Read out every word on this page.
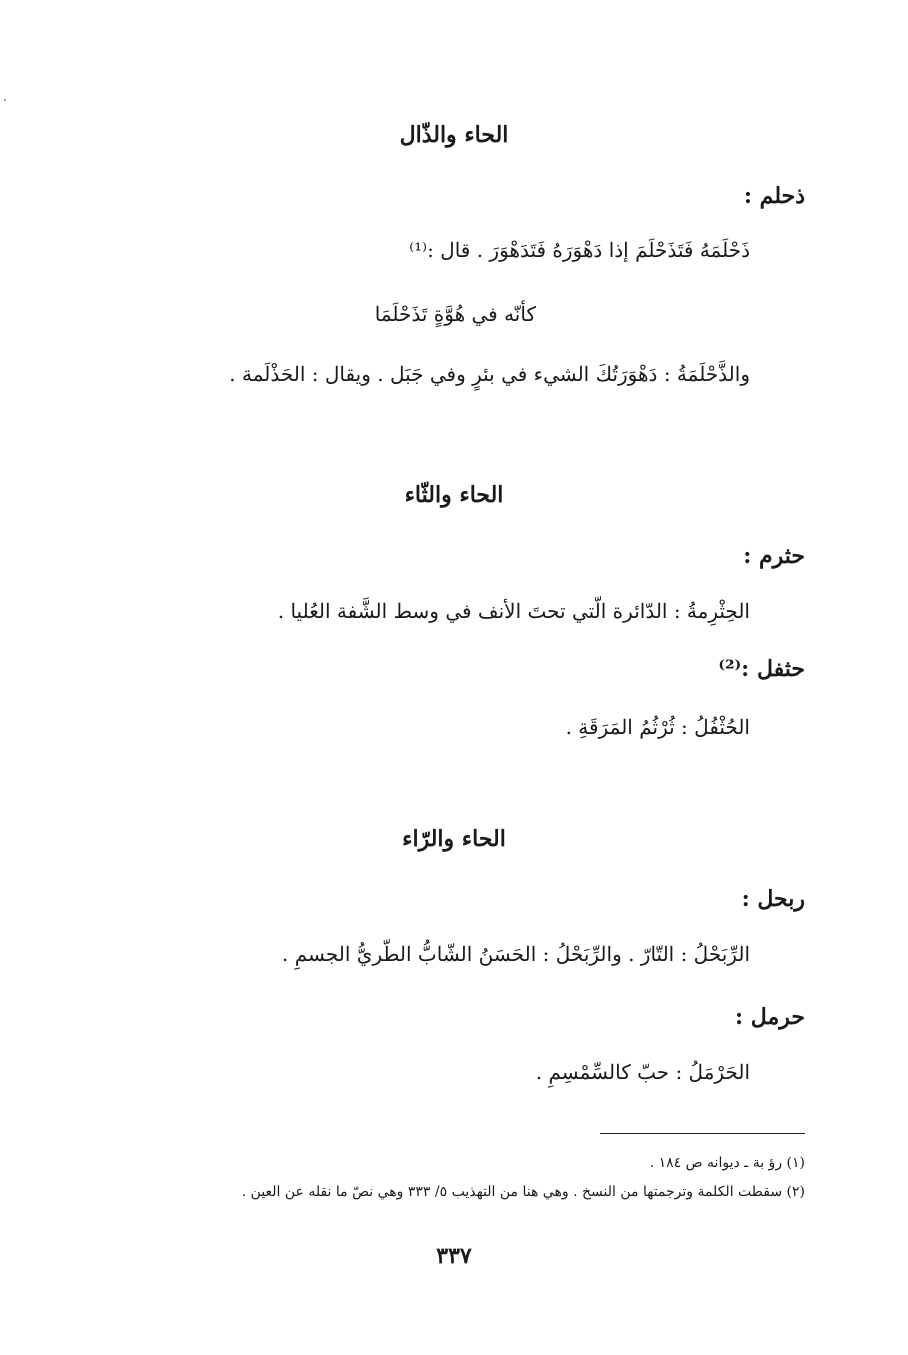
الحاء والذّال
ذحلم :
ذَحْلَمَهُ فَتَذَحْلَمَ إذا دَهْوَرَهُ فَتَدَهْوَرَ . قال :⁽¹⁾
كأنّه في هُوَّةٍ تَذَحْلَمَا
والذَّحْلَمَةُ : دَهْوَرَتُكَ الشيء في بئرٍ وفي جَبَل . ويقال : الحَذْلَمة .
الحاء والثّاء
حثرم :
الحِثْرِمةُ : الدّائرة الّتي تحتَ الأنف في وسط الشَّفة العُليا .
حثفل :⁽²⁾
الحُثْفُلُ : ثُرْثُمُ المَرَقَةِ .
الحاء والرّاء
ربحل :
الرِّبَحْلُ : التّارّ . والرِّبَحْلُ : الحَسَنُ الشّابُّ الطّريُّ الجسمِ .
حرمل :
الحَرْمَلُ : حبّ كالسِّمْسِمِ .
(١) رؤ بة ـ ديوانه ص ١٨٤ .
(٢) سقطت الكلمة وترجمتها من النسخ . وهي هنا من التهذيب ٥/ ٣٣٣ وهي نصّ ما نقله عن العين .
٣٣٧
